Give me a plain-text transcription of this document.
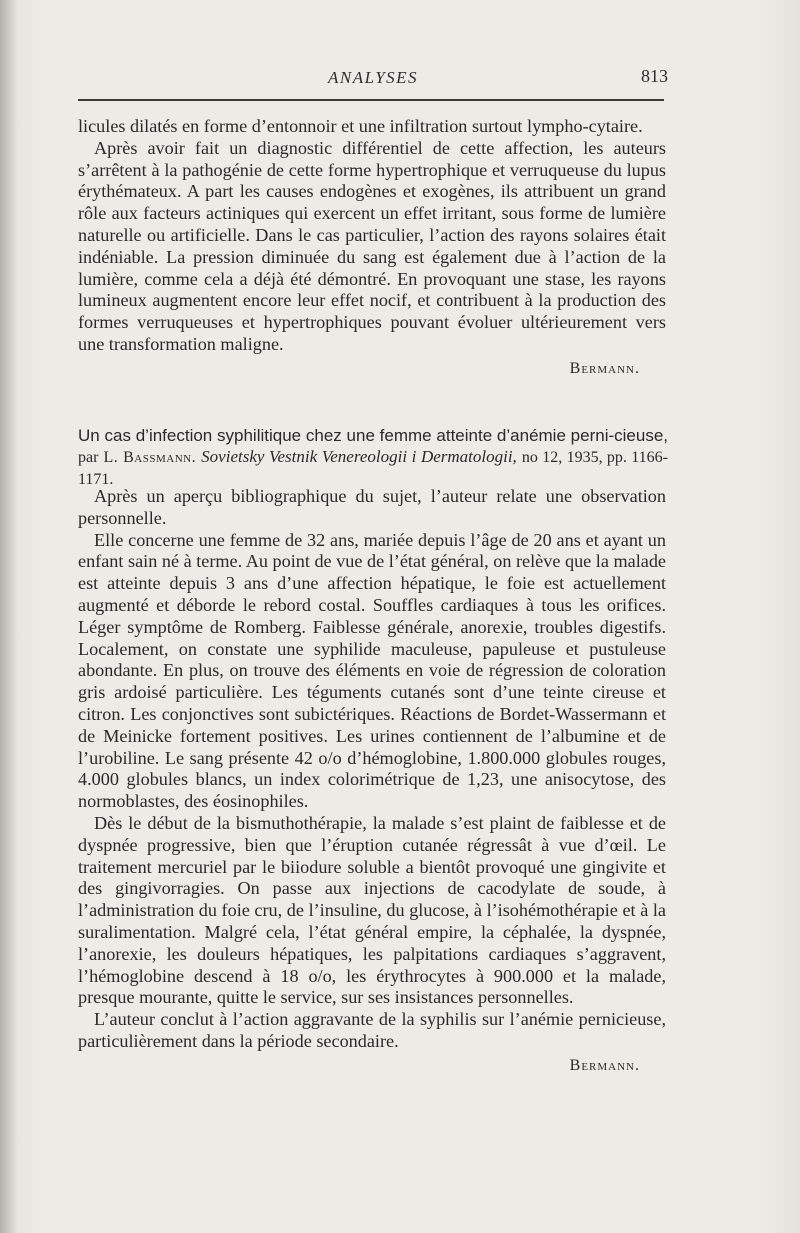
ANALYSES	813

licules dilatés en forme d’entonnoir et une infiltration surtout lympho-cytaire.

Après avoir fait un diagnostic différentiel de cette affection, les auteurs s’arrêtent à la pathogénie de cette forme hypertrophique et verruqueuse du lupus érythémateux. A part les causes endogènes et exogènes, ils attribuent un grand rôle aux facteurs actiniques qui exercent un effet irritant, sous forme de lumière naturelle ou artificielle. Dans le cas particulier, l’action des rayons solaires était indéniable. La pression diminuée du sang est également due à l’action de la lumière, comme cela a déjà été démontré. En provoquant une stase, les rayons lumineux augmentent encore leur effet nocif, et contribuent à la production des formes verruqueuses et hypertrophiques pouvant évoluer ultérieurement vers une transformation maligne.

Bermann.

Un cas d’infection syphilitique chez une femme atteinte d’anémie perni-cieuse, par L. Bassmann. Sovietsky Vestnik Venereologii i Dermatologii, no 12, 1935, pp. 1166-1171.

Après un aperçu bibliographique du sujet, l’auteur relate une observation personnelle.

Elle concerne une femme de 32 ans, mariée depuis l’âge de 20 ans et ayant un enfant sain né à terme. Au point de vue de l’état général, on relève que la malade est atteinte depuis 3 ans d’une affection hépatique, le foie est actuellement augmenté et déborde le rebord costal. Souffles cardiaques à tous les orifices. Léger symptôme de Romberg. Faiblesse générale, anorexie, troubles digestifs. Localement, on constate une syphilide maculeuse, papuleuse et pustuleuse abondante. En plus, on trouve des éléments en voie de régression de coloration gris ardoisé particulière. Les téguments cutanés sont d’une teinte cireuse et citron. Les conjonctives sont subictériques. Réactions de Bordet-Wassermann et de Meinicke fortement positives. Les urines contiennent de l’albumine et de l’urobiline. Le sang présente 42 o/o d’hémoglobine, 1.800.000 globules rouges, 4.000 globules blancs, un index colorimétrique de 1,23, une anisocytose, des normoblastes, des éosinophiles.

Dès le début de la bismuthothérapie, la malade s’est plaint de faiblesse et de dyspnée progressive, bien que l’éruption cutanée régressât à vue d’œil. Le traitement mercuriel par le biiodure soluble a bientôt provoqué une gingivite et des gingivorragies. On passe aux injections de cacodylate de soude, à l’administration du foie cru, de l’insuline, du glucose, à l’isohémothérapie et à la suralimentation. Malgré cela, l’état général empire, la céphalée, la dyspnée, l’anorexie, les douleurs hépatiques, les palpitations cardiaques s’aggravent, l’hémoglobine descend à 18 o/o, les érythrocytes à 900.000 et la malade, presque mourante, quitte le service, sur ses insistances personnelles.

L’auteur conclut à l’action aggravante de la syphilis sur l’anémie pernicieuse, particulièrement dans la période secondaire.

Bermann.
